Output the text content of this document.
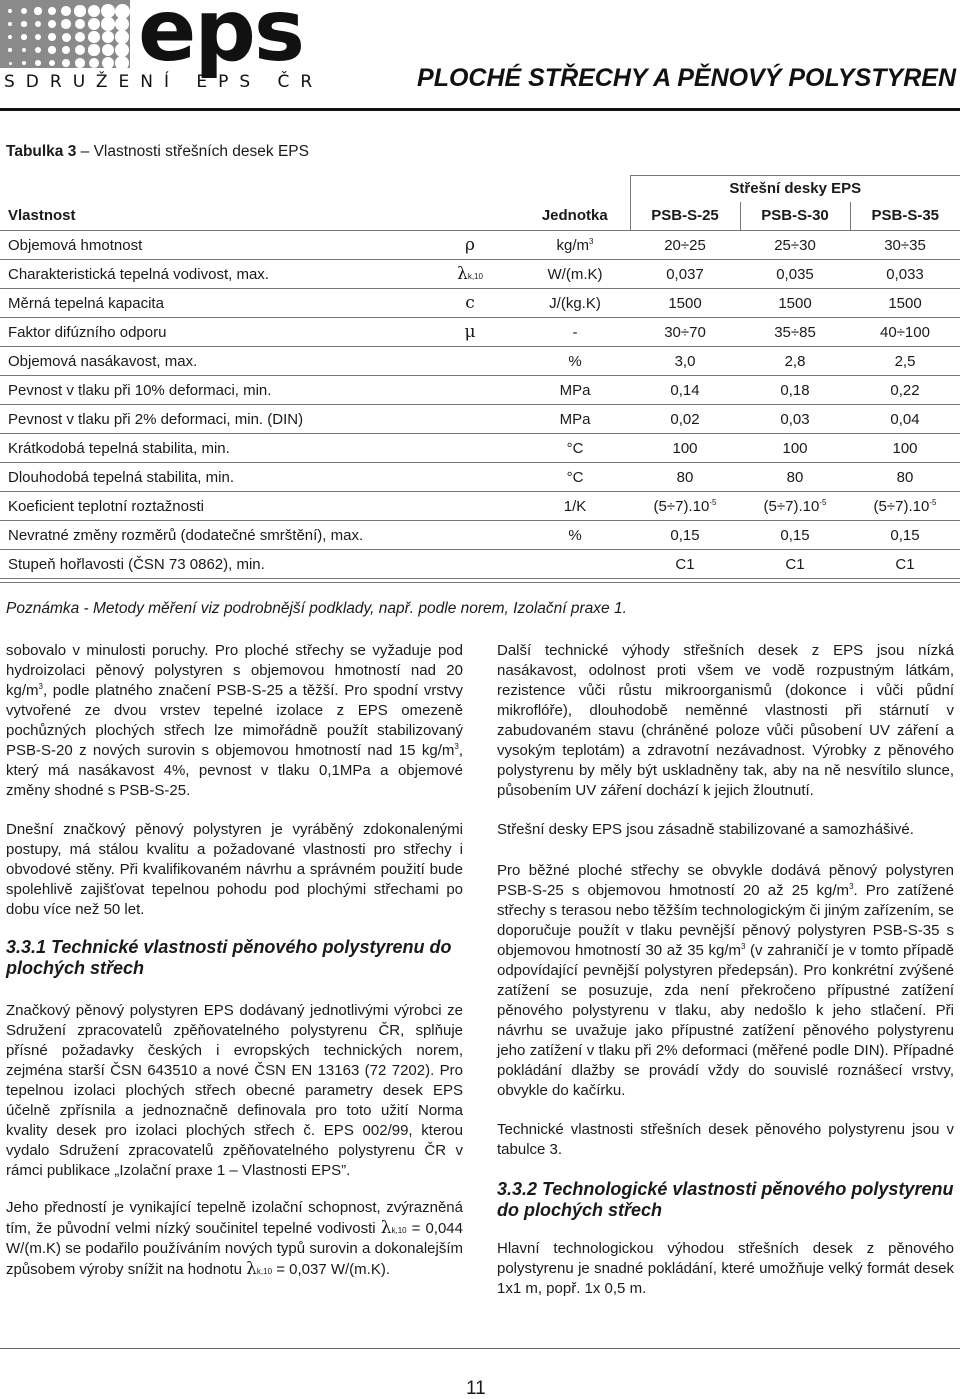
eps
SDRUŽENÍ EPS ČR	PLOCHÉ STŘECHY A PĚNOVÝ POLYSTYREN
Tabulka 3 – Vlastnosti střešních desek EPS
			Střešní desky EPS		
Vlastnost		Jednotka	PSB-S-25	PSB-S-30	PSB-S-35
Objemová hmotnost	ρ	$kg/m^3$	20÷25	25÷30	30÷35
Charakteristická tepelná vodivost, max.	λk,10	W/(m.K)	0,037	0,035	0,033
Měrná tepelná kapacita	c	J/(kg.K)	1500	1500	1500
Faktor difúzního odporu	μ	-	30÷70	35÷85	40÷100
Objemová nasákavost, max.		%	3,0	2,8	2,5
Pevnost v tlaku při 10% deformaci, min.		MPa	0,14	0,18	0,22
Pevnost v tlaku při 2% deformaci, min. (DIN)		MPa	0,02	0,03	0,04
Krátkodobá tepelná stabilita, min.		°C	100	100	100
Dlouhodobá tepelná stabilita, min.		°C	80	80	80
Koeficient teplotní roztažnosti		1/K	$(5\div 7).10^{-5}$	$(5\div 7).10^{-5}$	$(5\div 7).10^{-5}$
Nevratné změny rozměrů (dodatečné smrštění), max.		%	0,15	0,15	0,15
Stupeň hořlavosti (ČSN 73 0862), min.			C1	C1	C1
Poznámka - Metody měření viz podrobnější podklady, např. podle norem, Izolační praxe 1.
sobovalo v minulosti poruchy. Pro ploché střechy se vyžaduje pod hydroizolaci pěnový polystyren s objemovou hmotností nad 20 $kg/m^3$, podle platného značení PSB-S-25 a těžší. Pro spodní vrstvy vytvořené ze dvou vrstev tepelné izolace z EPS omezeně pochůzných plochých střech lze mimořádně použít stabilizovaný PSB-S-20 z nových surovin s objemovou hmotností nad 15 $kg/m^3$, který má nasákavost 4%, pevnost v tlaku 0,1MPa a objemové změny shodné s PSB-S-25.
Dnešní značkový pěnový polystyren je vyráběný zdokonalenými postupy, má stálou kvalitu a požadované vlastnosti pro střechy i obvodové stěny. Při kvalifikovaném návrhu a správném použití bude spolehlivě zajišťovat tepelnou pohodu pod plochými střechami po dobu více než 50 let.
3.3.1 Technické vlastnosti pěnového polystyrenu do plochých střech
Značkový pěnový polystyren EPS dodávaný jednotlivými výrobci ze Sdružení zpracovatelů zpěňovatelného polystyrenu ČR, splňuje přísné požadavky českých i evropských technických norem, zejména starší ČSN 643510 a nové ČSN EN 13163 (72 7202). Pro tepelnou izolaci plochých střech obecné parametry desek EPS účelně zpřísnila a jednoznačně definovala pro toto užití Norma kvality desek pro izolaci plochých střech č. EPS 002/99, kterou vydalo Sdružení zpracovatelů zpěňovatelného polystyrenu ČR v rámci publikace „Izolační praxe 1 – Vlastnosti EPS”.
Jeho předností je vynikající tepelně izolační schopnost, zvýrazněná tím, že původní velmi nízký součinitel tepelné vodivosti λk,10 = 0,044 W/(m.K) se podařilo používáním nových typů surovin a dokonalejším způsobem výroby snížit na hodnotu λk,10 = 0,037 W/(m.K).
Další technické výhody střešních desek z EPS jsou nízká nasákavost, odolnost proti všem ve vodě rozpustným látkám, rezistence vůči růstu mikroorganismů (dokonce i vůči půdní mikroflóře), dlouhodobě neměnné vlastnosti při stárnutí v zabudovaném stavu (chráněné poloze vůči působení UV záření a vysokým teplotám) a zdravotní nezávadnost. Výrobky z pěnového polystyrenu by měly být uskladněny tak, aby na ně nesvítilo slunce, působením UV záření dochází k jejich žloutnutí.
Střešní desky EPS jsou zásadně stabilizované a samozhášivé.
Pro běžné ploché střechy se obvykle dodává pěnový polystyren PSB-S-25 s objemovou hmotností 20 až 25 $kg/m^3$. Pro zatížené střechy s terasou nebo těžším technologickým či jiným zařízením, se doporučuje použít v tlaku pevnější pěnový polystyren PSB-S-35 s objemovou hmotností 30 až 35 $kg/m^3$ (v zahraničí je v tomto případě odpovídající pevnější polystyren předepsán). Pro konkrétní zvýšené zatížení se posuzuje, zda není překročeno přípustné zatížení pěnového polystyrenu v tlaku, aby nedošlo k jeho stlačení. Při návrhu se uvažuje jako přípustné zatížení pěnového polystyrenu jeho zatížení v tlaku při 2% deformaci (měřené podle DIN). Případné pokládání dlažby se provádí vždy do souvislé roznášecí vrstvy, obvykle do kačírku.
Technické vlastnosti střešních desek pěnového polystyrenu jsou v tabulce 3.
3.3.2 Technologické vlastnosti pěnového polystyrenu do plochých střech
Hlavní technologickou výhodou střešních desek z pěnového polystyrenu je snadné pokládání, které umožňuje velký formát desek 1x1 m, popř. 1x 0,5 m.
11
